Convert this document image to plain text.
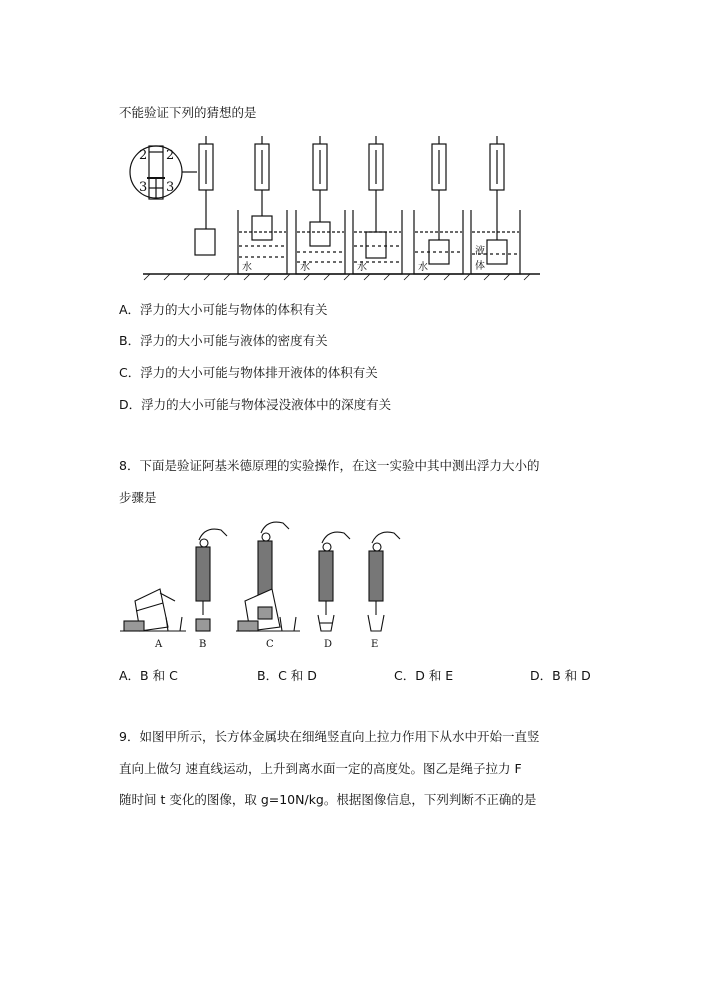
不能验证下列的猜想的是
2 2
3 3
水	水	水	水
液
体
A．浮力的大小可能与物体的体积有关
B．浮力的大小可能与液体的密度有关
C．浮力的大小可能与物体排开液体的体积有关
D．浮力的大小可能与物体浸没液体中的深度有关
8．下面是验证阿基米德原理的实验操作，在这一实验中其中测出浮力大小的
步骤是
A	B	C	D	E
A．B 和 C	B．C 和 D	C．D 和 E	D．B 和 D
9．如图甲所示，长方体金属块在细绳竖直向上拉力作用下从水中开始一直竖
直向上做匀 速直线运动，上升到离水面一定的高度处。图乙是绳子拉力 F
随时间 t 变化的图像，取 g=10N/kg。根据图像信息，下列判断不正确的是
